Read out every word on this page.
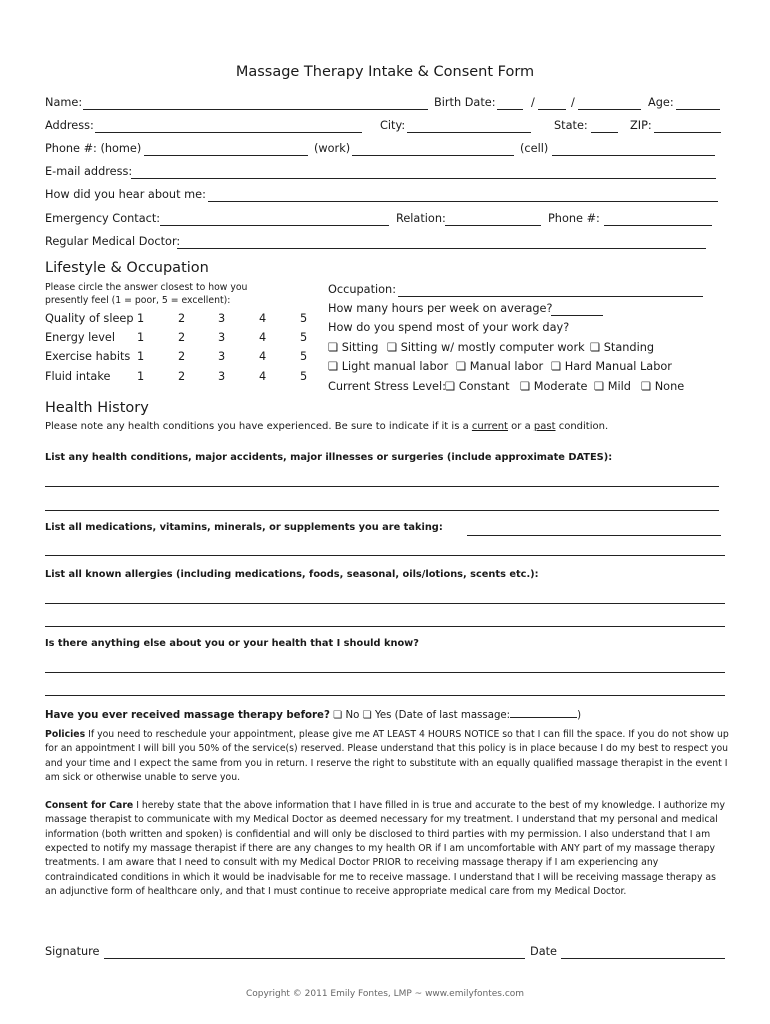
Massage Therapy Intake & Consent Form
Name:	Birth Date:	/	/	Age:
Address:	City:	State:	ZIP:
Phone #: (home)	(work)	(cell)
E-mail address:
How did you hear about me:
Emergency Contact:	Relation:	Phone #:
Regular Medical Doctor:
Lifestyle & Occupation
Please circle the answer closest to how you
presently feel (1 = poor, 5 = excellent):
Quality of sleep 1	2	3	4	5
Energy level 1	2	3	4	5
Exercise habits 1	2	3	4	5
Fluid intake 1	2	3	4	5
Occupation:
How many hours per week on average?
How do you spend most of your work day?
❏ Sitting ❏	Sitting w/ mostly computer work ❏	Standing
❏ Light manual labor ❏	Manual labor ❏	Hard Manual Labor
Current Stress Level: ❏	Constant ❏	Moderate ❏	Mild ❏	None
Health History
Please note any health conditions you have experienced. Be sure to indicate if it is a current or a past condition.
List any health conditions, major accidents, major illnesses or surgeries (include approximate DATES):
List all medications, vitamins, minerals, or supplements you are taking:
List all known allergies (including medications, foods, seasonal, oils/lotions, scents etc.):
Is there anything else about you or your health that I should know?
Have you ever received massage therapy before? ❏ No ❏ Yes (Date of last massage:	)
Policies If you need to reschedule your appointment, please give me AT LEAST 4 HOURS NOTICE so that I can fill the space. If you do not show up for an appointment I will bill you 50% of the service(s) reserved. Please understand that this policy is in place because I do my best to respect you and your time and I expect the same from you in return. I reserve the right to substitute with an equally qualified massage therapist in the event I am sick or otherwise unable to serve you.
Consent for Care I hereby state that the above information that I have filled in is true and accurate to the best of my knowledge. I authorize my massage therapist to communicate with my Medical Doctor as deemed necessary for my treatment. I understand that my personal and medical information (both written and spoken) is confidential and will only be disclosed to third parties with my permission. I also understand that I am expected to notify my massage therapist if there are any changes to my health OR if I am uncomfortable with ANY part of my massage therapy treatments. I am aware that I need to consult with my Medical Doctor PRIOR to receiving massage therapy if I am experiencing any contraindicated conditions in which it would be inadvisable for me to receive massage. I understand that I will be receiving massage therapy as an adjunctive form of healthcare only, and that I must continue to receive appropriate medical care from my Medical Doctor.
Signature	Date
Copyright © 2011 Emily Fontes, LMP ~ www.emilyfontes.com
